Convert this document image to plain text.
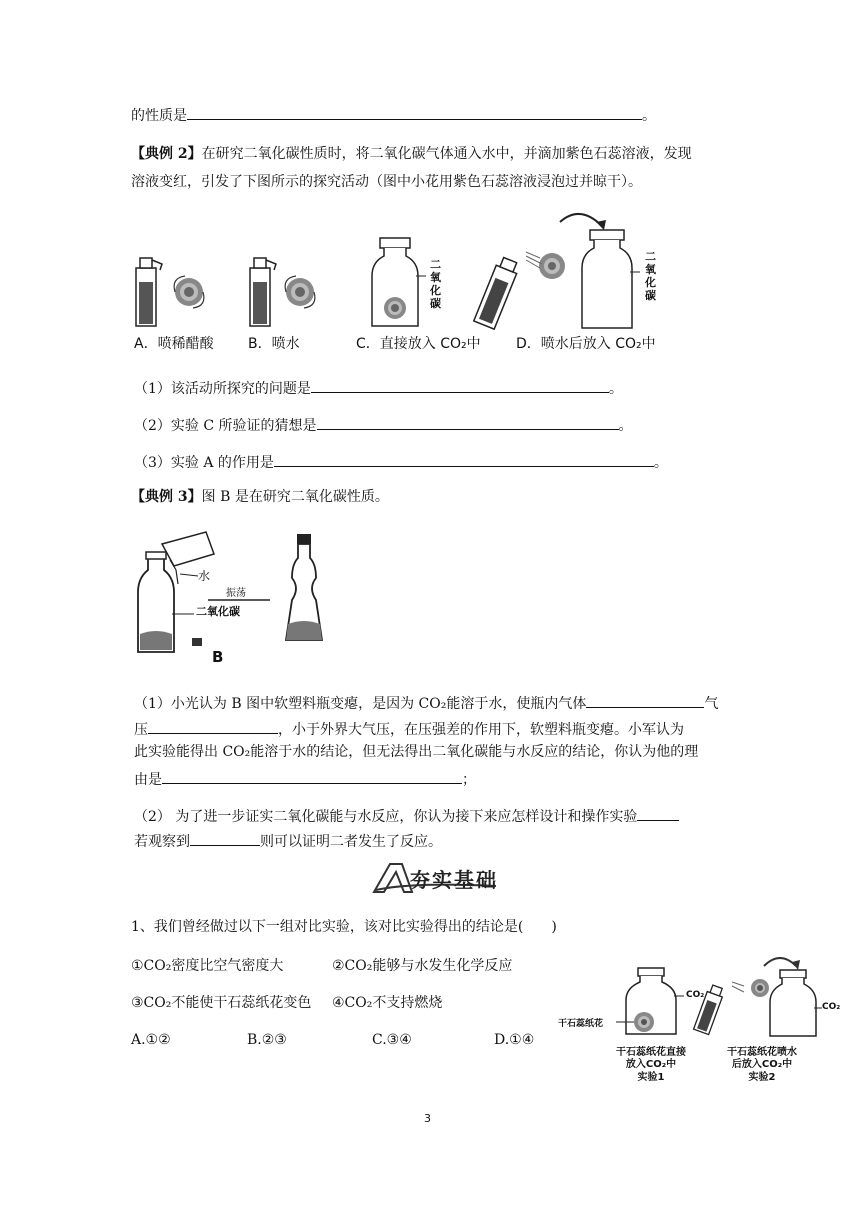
的性质是	。
【典例 2】在研究二氧化碳性质时，将二氧化碳气体通入水中，并滴加紫色石蕊溶液，发现
溶液变红，引发了下图所示的探究活动（图中小花用紫色石蕊溶液浸泡过并晾干）。
A．喷稀醋酸 B．喷水
二氧化碳
C．直接放入 CO₂中
二氧化碳
D．喷水后放入 CO₂中
（1）该活动所探究的问题是	。
（2）实验 C 所验证的猜想是	。
（3）实验 A 的作用是	。
【典例 3】图 B 是在研究二氧化碳性质。
水
二氧化碳
振荡
B
（1）小光认为 B 图中软塑料瓶变瘪，是因为 CO₂能溶于水，使瓶内气体	气
压	，小于外界大气压，在压强差的作用下，软塑料瓶变瘪。小军认为
此实验能得出 CO₂能溶于水的结论，但无法得出二氧化碳能与水反应的结论，你认为他的理
由是	；
（2） 为了进一步证实二氧化碳能与水反应，你认为接下来应怎样设计和操作实验
若观察到	则可以证明二者发生了反应。
夯实基础
1、我们曾经做过以下一组对比实验，该对比实验得出的结论是(　　)
①CO₂密度比空气密度大	②CO₂能够与水发生化学反应
③CO₂不能使干石蕊纸花变色 ④CO₂不支持燃烧
A.①②	B.②③	C.③④	D.①④
CO₂
干石蕊纸花
干石蕊纸花直接
放入CO₂中
实验1
CO₂
干石蕊纸花喷水
后放入CO₂中
实验2
3
